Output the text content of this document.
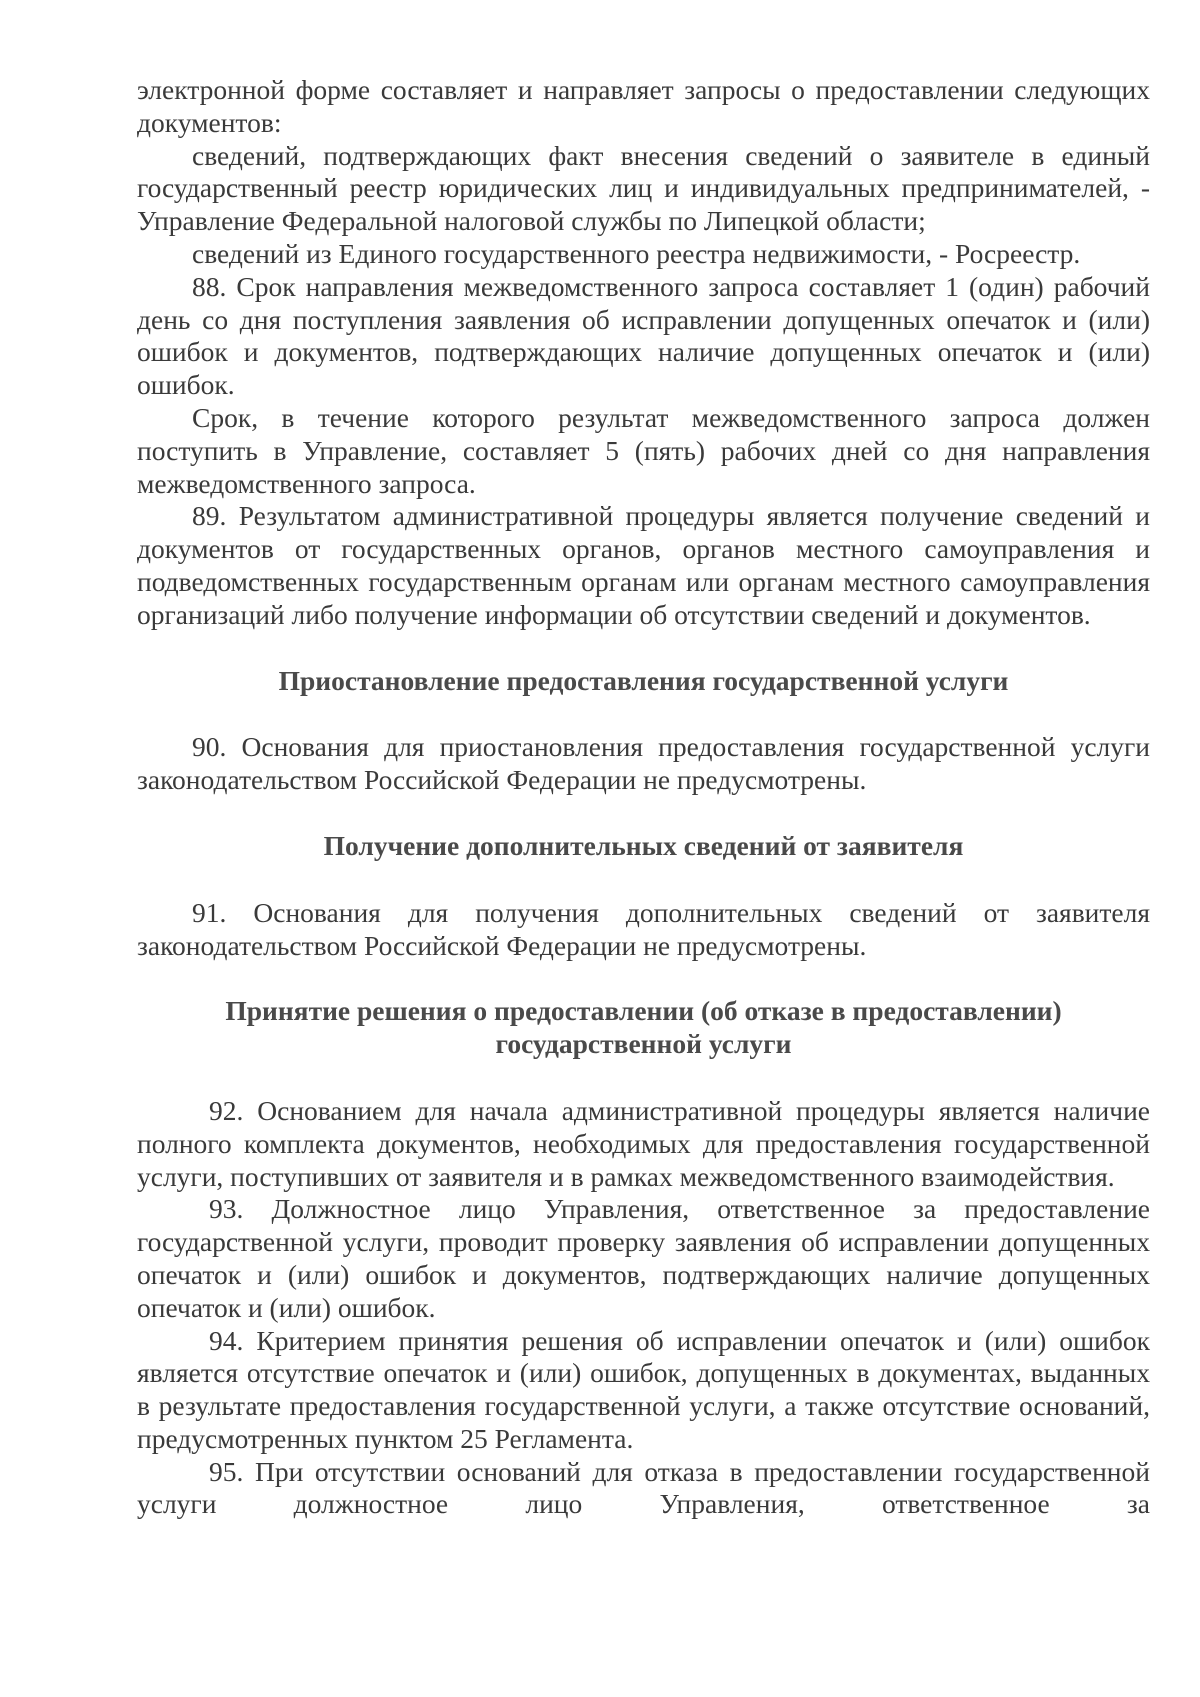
электронной форме составляет и направляет запросы о предоставлении следующих документов:

сведений, подтверждающих факт внесения сведений о заявителе в единый государственный реестр юридических лиц и индивидуальных предпринимателей, - Управление Федеральной налоговой службы по Липецкой области;

сведений из Единого государственного реестра недвижимости, - Росреестр.

88. Срок направления межведомственного запроса составляет 1 (один) рабочий день со дня поступления заявления об исправлении допущенных опечаток и (или) ошибок и документов, подтверждающих наличие допущенных опечаток и (или) ошибок.

Срок, в течение которого результат межведомственного запроса должен поступить в Управление, составляет 5 (пять) рабочих дней со дня направления межведомственного запроса.

89. Результатом административной процедуры является получение сведений и документов от государственных органов, органов местного самоуправления и подведомственных государственным органам или органам местного самоуправления организаций либо получение информации об отсутствии сведений и документов.

Приостановление предоставления государственной услуги

90. Основания для приостановления предоставления государственной услуги законодательством Российской Федерации не предусмотрены.

Получение дополнительных сведений от заявителя

91. Основания для получения дополнительных сведений от заявителя законодательством Российской Федерации не предусмотрены.

Принятие решения о предоставлении (об отказе в предоставлении)

государственной услуги

92. Основанием для начала административной процедуры является наличие полного комплекта документов, необходимых для предоставления государственной услуги, поступивших от заявителя и в рамках межведомственного взаимодействия.

93. Должностное лицо Управления, ответственное за предоставление государственной услуги, проводит проверку заявления об исправлении допущенных опечаток и (или) ошибок и документов, подтверждающих наличие допущенных опечаток и (или) ошибок.

94. Критерием принятия решения об исправлении опечаток и (или) ошибок является отсутствие опечаток и (или) ошибок, допущенных в документах, выданных в результате предоставления государственной услуги, а также отсутствие оснований, предусмотренных пунктом 25 Регламента.

95. При отсутствии оснований для отказа в предоставлении государственной услуги должностное лицо Управления, ответственное за
